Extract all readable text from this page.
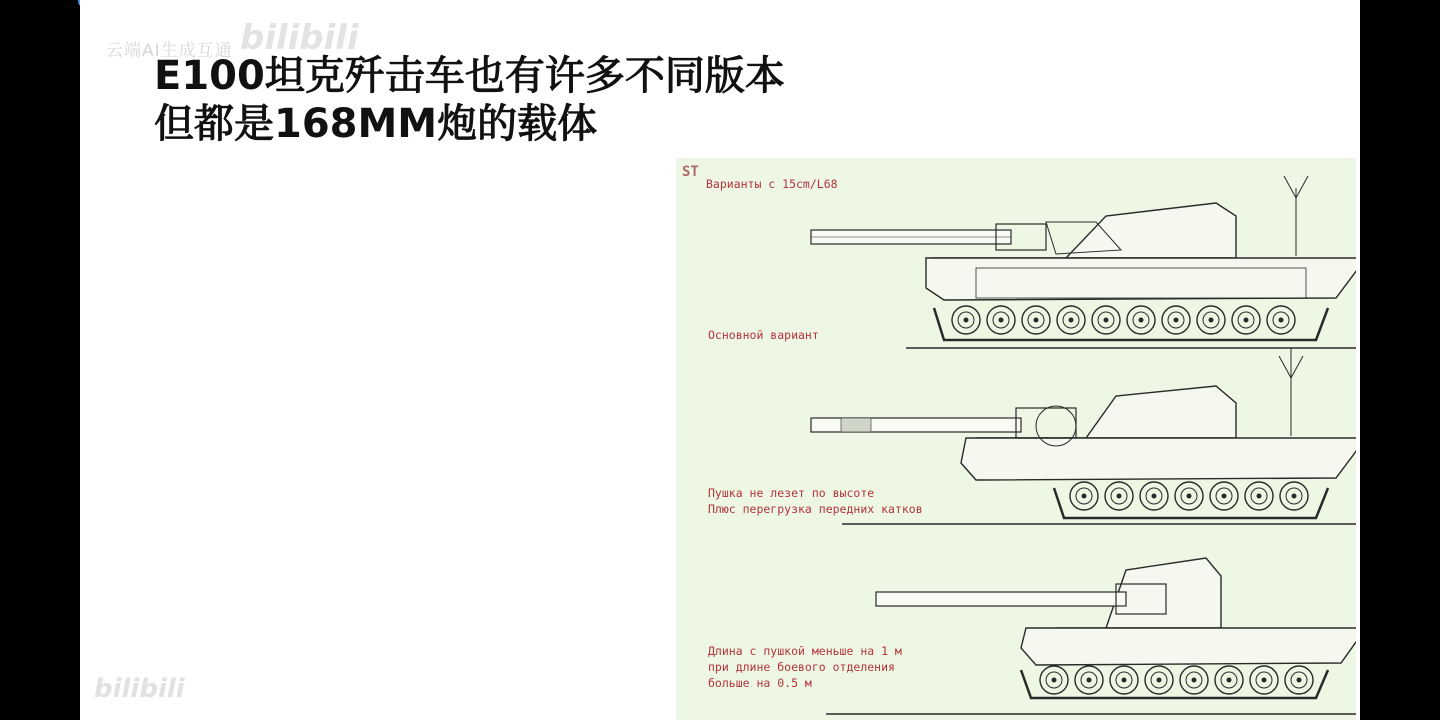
云端AI生成互通 bilibili
E100坦克歼击车也有许多不同版本
但都是168MM炮的载体
ST
Варианты с 15cm/L68
Основной вариант
Пушка не лезет по высоте
Плюс перегрузка передних катков
Длина с пушкой меньше на 1 м
при длине боевого отделения
больше на 0.5 м
bilibili
